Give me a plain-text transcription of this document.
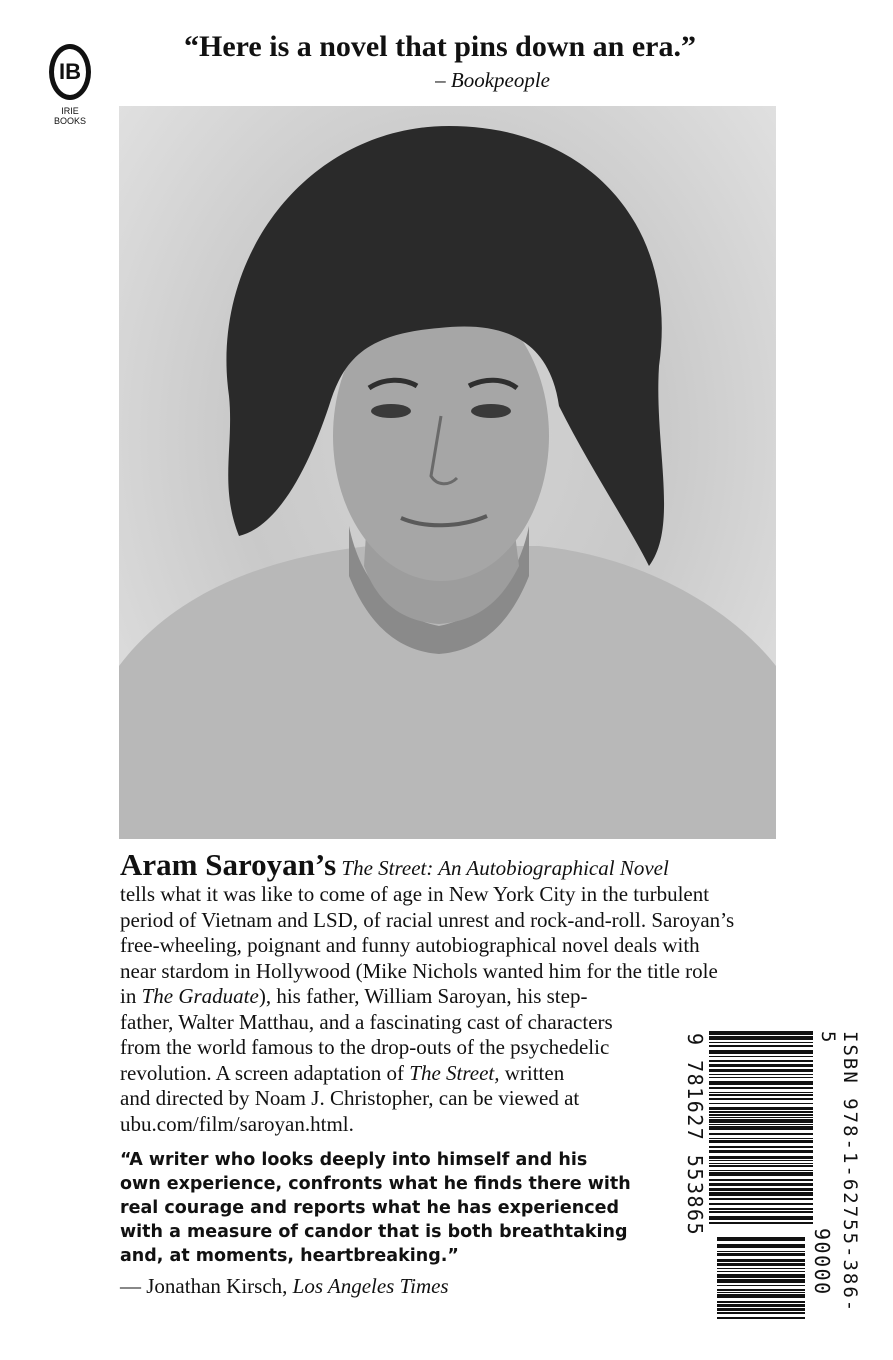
IB
IRIE
BOOKS
“Here is a novel that pins down an era.”
– Bookpeople
Aram Saroyan’s The Street: An Autobiographical Novel
tells what it was like to come of age in New York City in the turbulent
period of Vietnam and LSD, of racial unrest and rock-and-roll. Saroyan’s
free-wheeling, poignant and funny autobiographical novel deals with
near stardom in Hollywood (Mike Nichols wanted him for the title role
in The Graduate), his father, William Saroyan, his step-
father, Walter Matthau, and a fascinating cast of characters
from the world famous to the drop-outs of the psychedelic
revolution. A screen adaptation of The Street, written
and directed by Noam J. Christopher, can be viewed at
ubu.com/film/saroyan.html.
“A writer who looks deeply into himself and his
own experience, confronts what he finds there with
real courage and reports what he has experienced
with a measure of candor that is both breathtaking
and, at moments, heartbreaking.”
— Jonathan Kirsch, Los Angeles Times
9 781627 553865	ISBN 978-1-62755-386-5
90000
